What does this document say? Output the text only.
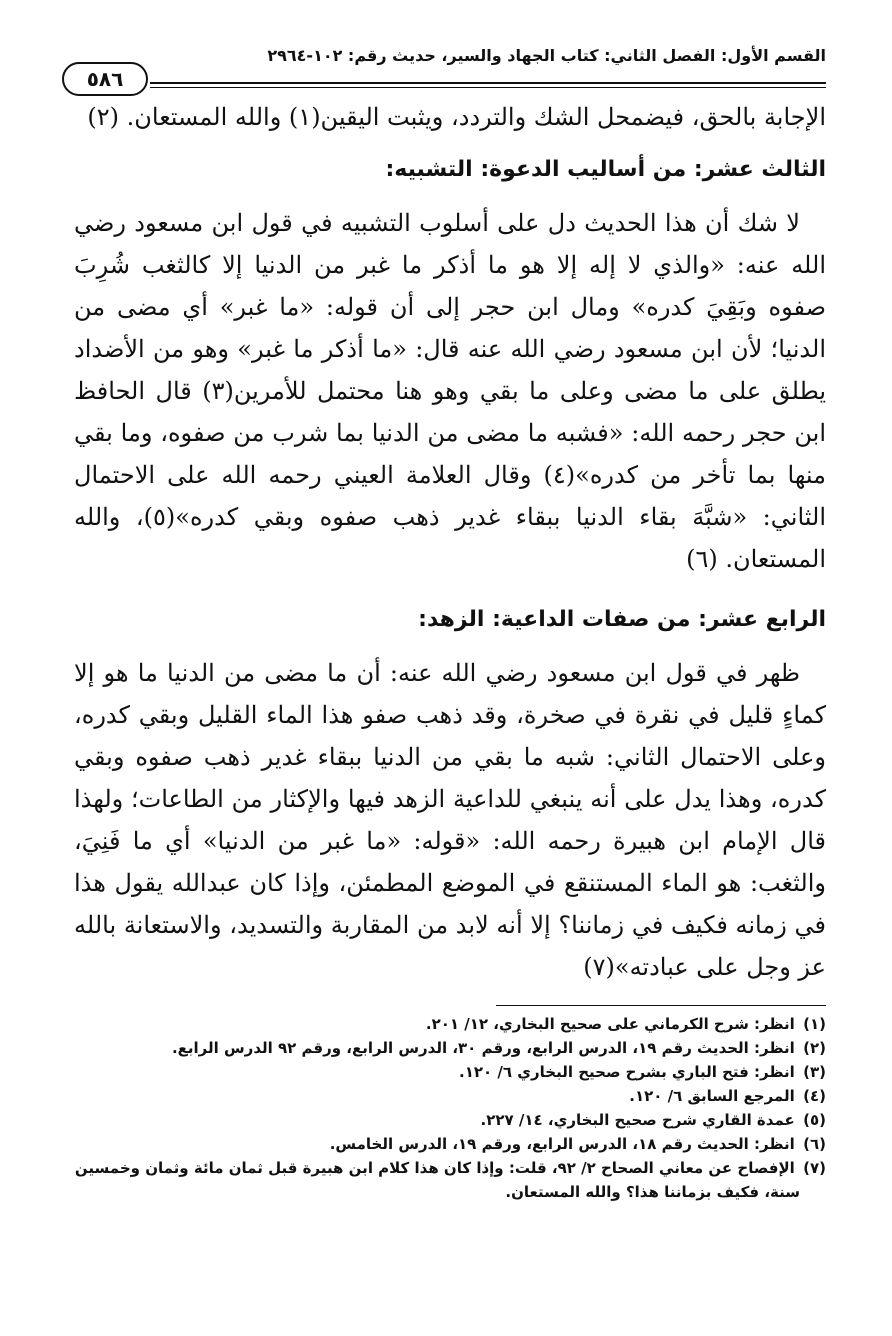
القسم الأول: الفصل الثاني: كتاب الجهاد والسير، حديث رقم: ١٠٢-٢٩٦٤
٥٨٦

الإجابة بالحق، فيضمحل الشك والتردد، ويثبت اليقين(١) والله المستعان. (٢)

الثالث عشر: من أساليب الدعوة: التشبيه:

لا شك أن هذا الحديث دل على أسلوب التشبيه في قول ابن مسعود رضي الله عنه: «والذي لا إله إلا هو ما أذكر ما غبر من الدنيا إلا كالثغب شُرِبَ صفوه وبَقِيَ كدره» ومال ابن حجر إلى أن قوله: «ما غبر» أي مضى من الدنيا؛ لأن ابن مسعود رضي الله عنه قال: «ما أذكر ما غبر» وهو من الأضداد يطلق على ما مضى وعلى ما بقي وهو هنا محتمل للأمرين(٣) قال الحافظ ابن حجر رحمه الله: «فشبه ما مضى من الدنيا بما شرب من صفوه، وما بقي منها بما تأخر من كدره»(٤) وقال العلامة العيني رحمه الله على الاحتمال الثاني: «شبَّهَ بقاء الدنيا ببقاء غدير ذهب صفوه وبقي كدره»(٥)، والله المستعان. (٦)

الرابع عشر: من صفات الداعية: الزهد:

ظهر في قول ابن مسعود رضي الله عنه: أن ما مضى من الدنيا ما هو إلا كماءٍ قليل في نقرة في صخرة، وقد ذهب صفو هذا الماء القليل وبقي كدره، وعلى الاحتمال الثاني: شبه ما بقي من الدنيا ببقاء غدير ذهب صفوه وبقي كدره، وهذا يدل على أنه ينبغي للداعية الزهد فيها والإكثار من الطاعات؛ ولهذا قال الإمام ابن هبيرة رحمه الله: «قوله: «ما غبر من الدنيا» أي ما فَنِيَ، والثغب: هو الماء المستنقع في الموضع المطمئن، وإذا كان عبدالله يقول هذا في زمانه فكيف في زماننا؟ إلا أنه لابد من المقاربة والتسديد، والاستعانة بالله عز وجل على عبادته»(٧)

(١) انظر: شرح الكرماني على صحيح البخاري، ١٢/ ٢٠١.

(٢) انظر: الحديث رقم ١٩، الدرس الرابع، ورقم ٣٠، الدرس الرابع، ورقم ٩٢ الدرس الرابع.

(٣) انظر: فتح الباري بشرح صحيح البخاري ٦/ ١٢٠.

(٤) المرجع السابق ٦/ ١٢٠.

(٥) عمدة القاري شرح صحيح البخاري، ١٤/ ٢٢٧.

(٦) انظر: الحديث رقم ١٨، الدرس الرابع، ورقم ١٩، الدرس الخامس.

(٧) الإفصاح عن معاني الصحاح ٢/ ٩٢، قلت: وإذا كان هذا كلام ابن هبيرة قبل ثمان مائة وثمان وخمسين

سنة، فكيف بزماننا هذا؟ والله المستعان.
